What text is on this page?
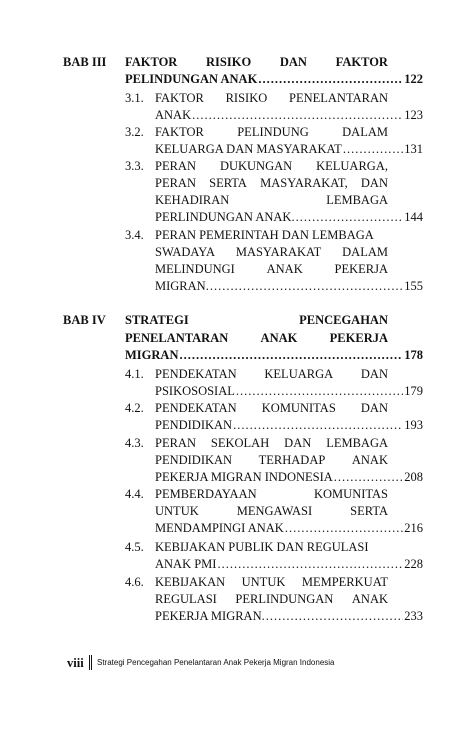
BAB III FAKTOR RISIKO DAN FAKTOR
PELINDUNGAN ANAK .....	122
3.1. FAKTOR RISIKO PENELANTARAN
ANAK .....	123
3.2. FAKTOR	PELINDUNG	DALAM
KELUARGA DAN MASYARAKAT .....	131
3.3. PERAN DUKUNGAN KELUARGA,
PERAN SERTA MASYARAKAT, DAN
KEHADIRAN	LEMBAGA
PERLINDUNGAN ANAK. .....	144
3.4. PERAN PEMERINTAH DAN LEMBAGA
SWADAYA MASYARAKAT DALAM
MELINDUNGI	ANAK	PEKERJA
MIGRAN. .....	155
BAB IV STRATEGI	PENCEGAHAN
PENELANTARAN	ANAK	PEKERJA
MIGRAN .....	178
4.1. PENDEKATAN KELUARGA DAN
PSIKOSOSIAL .....	179
4.2. PENDEKATAN KOMUNITAS DAN
PENDIDIKAN .....	193
4.3. PERAN SEKOLAH DAN LEMBAGA
PENDIDIKAN TERHADAP ANAK
PEKERJA MIGRAN INDONESIA .....	208
4.4. PEMBERDAYAAN	KOMUNITAS
UNTUK	MENGAWASI	SERTA
MENDAMPINGI ANAK .....	216
4.5. KEBIJAKAN PUBLIK DAN REGULASI
ANAK PMI .....	228
4.6. KEBIJAKAN UNTUK MEMPERKUAT
REGULASI PERLINDUNGAN ANAK
PEKERJA MIGRAN. .....	233
viii Strategi Pencegahan Penelantaran Anak Pekerja Migran Indonesia
